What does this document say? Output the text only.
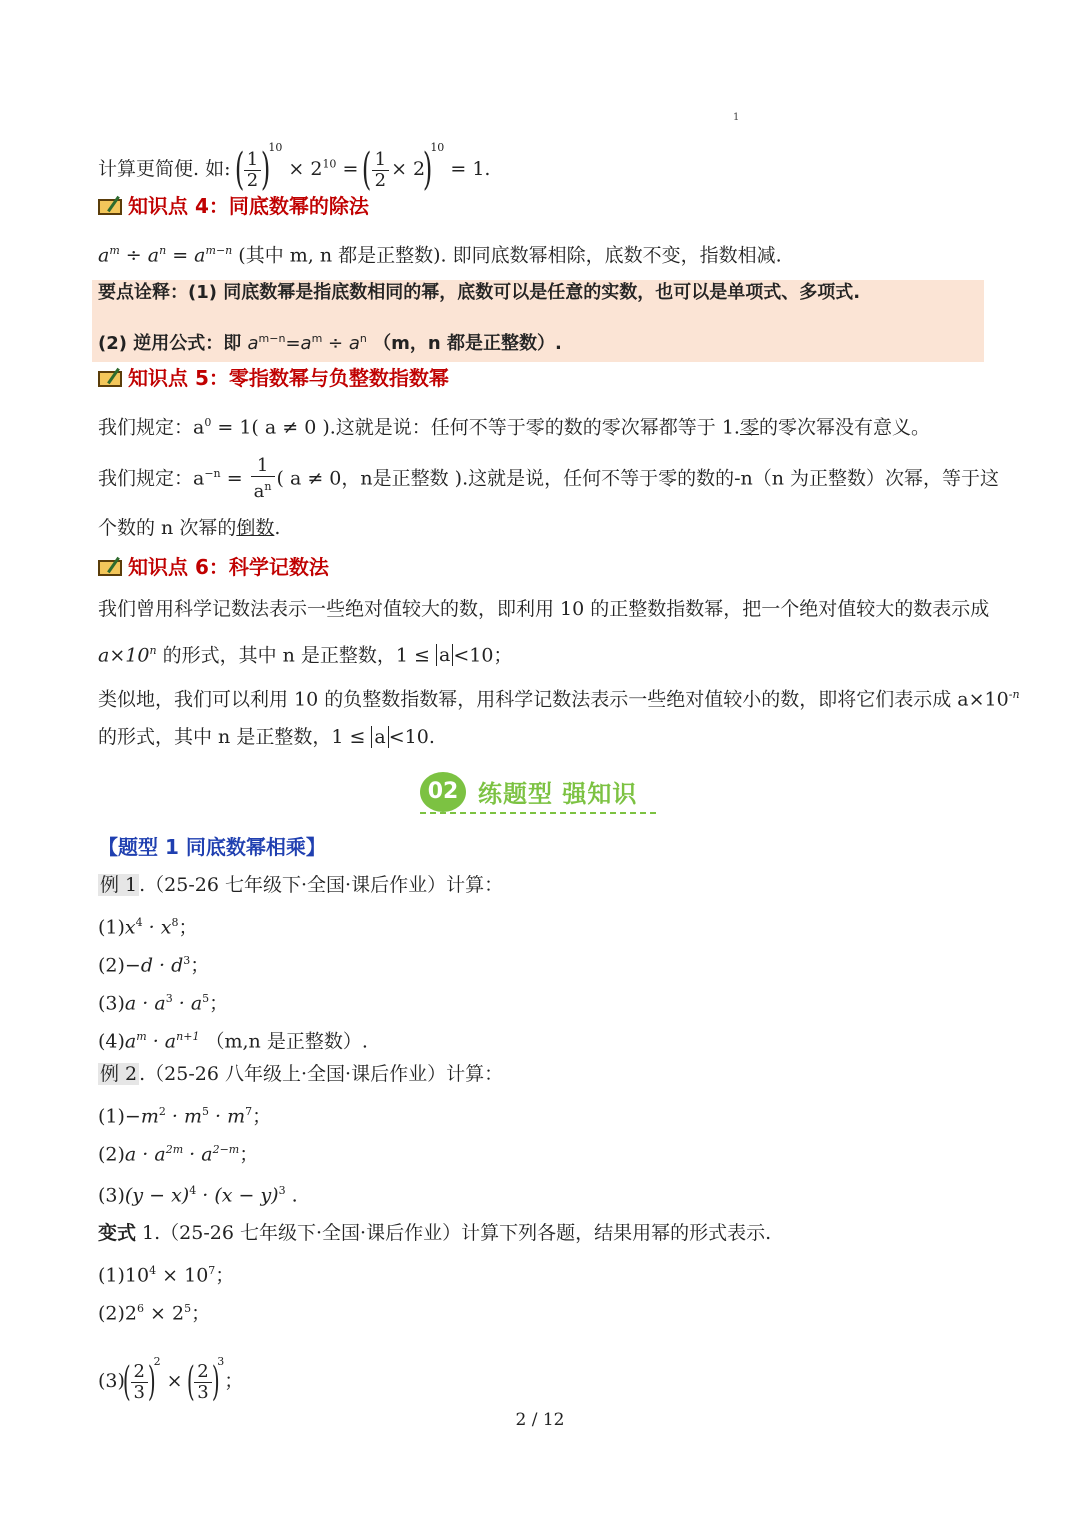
1
计算更简便. 如: ( $\frac{1}{2} )^{10} \times 2^{10}$ = ( $\frac{1}{2} \times 2)^{10} = 1$.
知识点 4：同底数幂的除法
$a^m \div a^n = a^{m-n}$ (其中 m, n 都是正整数). 即同底数幂相除，底数不变，指数相减.
要点诠释：(1) 同底数幂是指底数相同的幂，底数可以是任意的实数，也可以是单项式、多项式.
(2) 逆用公式：即 $a^{m-n}=a^m \div a^n$ （m，n 都是正整数）.
知识点 5：零指数幂与负整数指数幂
我们规定：$a^0 = 1$( a ≠ 0 ).这就是说：任何不等于零的数的零次幂都等于 1.零的零次幂没有意义。
我们规定：$a^{-n} = \frac{1}{a^n}$ ( a ≠ 0，n是正整数 ).这就是说，任何不等于零的数的-n（n 为正整数）次幂，等于这
个数的 n 次幂的倒数.
知识点 6：科学记数法
我们曾用科学记数法表示一些绝对值较大的数，即利用 10 的正整数指数幂，把一个绝对值较大的数表示成
$a\times 10^n$ 的形式，其中 n 是正整数，1 ≤ a <10；
类似地，我们可以利用 10 的负整数指数幂，用科学记数法表示一些绝对值较小的数，即将它们表示成 $a\times 10^{-n}$
的形式，其中 n 是正整数，1 ≤ a <10.
02 练题型 强知识
【题型 1 同底数幂相乘】
例 1 .（25-26 七年级下·全国·课后作业）计算：
$(1)x^4 \cdot x^8$；
$(2)-d \cdot d^3$；
$(3)a \cdot a^3 \cdot a^5$；
$(4)a^m \cdot a^{n+1}$ （m,n 是正整数）.
例 2 .（25-26 八年级上·全国·课后作业）计算：
$(1)-m^2 \cdot m^5 \cdot m^7$；
$(2)a \cdot a^{2m} \cdot a^{2-m}$；
$(3)(y - x)^4 \cdot (x - y)^3$ .
变式 1.（25-26 七年级下·全国·课后作业）计算下列各题，结果用幂的形式表示.
$(1)10^4 \times 10^7$；
$(2)2^6 \times 2^5$；
$(3)( \frac{2}{3} )^2$ × ( $\frac{2}{3} )^3$；
2 / 12
